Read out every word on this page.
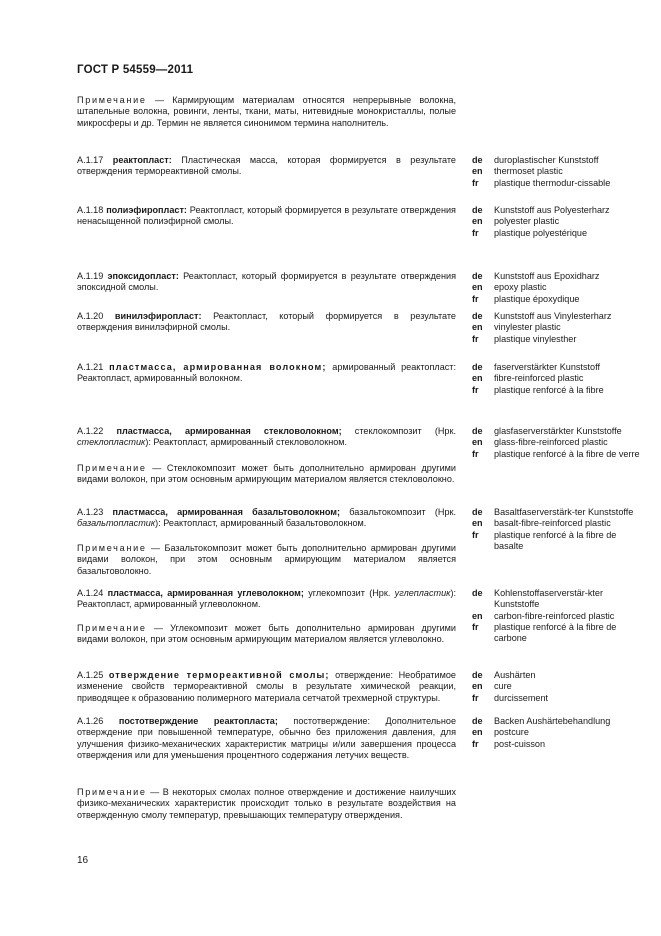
ГОСТ Р 54559—2011
Примечание — Кармирующим материалам относятся непрерывные волокна, штапельные волокна, ровинги, ленты, ткани, маты, нитевидные монокристаллы, полые микросферы и др. Термин не является синонимом термина наполнитель.
А.1.17 реактопласт: Пластическая масса, которая формируется в результате отверждения термореактивной смолы.
de	duroplastischer Kunststoff
en	thermoset plastic
fr	plastique thermodur-cissable
А.1.18 полиэфиропласт: Реактопласт, который формируется в результате отверждения ненасыщенной полиэфирной смолы.
de	Kunststoff aus Polyesterharz
en	polyester plastic
fr	plastique polyestérique
А.1.19 эпоксидопласт: Реактопласт, который формируется в результате отверждения эпоксидной смолы.
de	Kunststoff aus Epoxidharz
en	epoxy plastic
fr	plastique époxydique
А.1.20 винилэфиропласт: Реактопласт, который формируется в результате отверждения винилэфирной смолы.
de	Kunststoff aus Vinylesterharz
en	vinylester plastic
fr	plastique vinylesther
А.1.21 пластмасса, армированная волокном; армированный реактопласт: Реактопласт, армированный волокном.
de	faserverstärkter Kunststoff
en	fibre-reinforced plastic
fr	plastique renforcé à la fibre
А.1.22 пластмасса, армированная стекловолокном; стеклокомпозит (Нрк. стеклопластик): Реактопласт, армированный стекловолокном.
Примечание — Стеклокомпозит может быть дополнительно армирован другими видами волокон, при этом основным армирующим материалом является стекловолокно.
de	glasfaserverstärkter Kunststoffe
en	glass-fibre-reinforced plastic
fr	plastique renforcé à la fibre de verre
А.1.23 пластмасса, армированная базальтоволокном; базальтокомпозит (Нрк. базальтопластик): Реактопласт, армированный базальтоволокном.
Примечание — Базальтокомпозит может быть дополнительно армирован другими видами волокон, при этом основным армирующим материалом является базальтоволокно.
de	Basaltfaserverstärk-ter Kunststoffe
en	basalt-fibre-reinforced plastic
fr	plastique renforcé à la fibre de basalte
А.1.24 пластмасса, армированная углеволокном; углекомпозит (Нрк. углепластик): Реактопласт, армированный углеволокном.
Примечание — Углекомпозит может быть дополнительно армирован другими видами волокон, при этом основным армирующим материалом является углеволокно.
de	Kohlenstoffaserverstär-kter Kunststoffe
en	carbon-fibre-reinforced plastic
fr	plastique renforcé à la fibre de carbone
А.1.25 отверждение термореактивной смолы; отверждение: Необратимое изменение свойств термореактивной смолы в результате химической реакции, приводящее к образованию полимерного материала сетчатой трехмерной структуры.
de	Aushärten
en	cure
fr	durcissement
А.1.26 постотверждение реактопласта; постотверждение: Дополнительное отверждение при повышенной температуре, обычно без приложения давления, для улучшения физико-механических характеристик матрицы и/или завершения процесса отверждения или для уменьшения процентного содержания летучих веществ.
de	Backen Aushärtebehandlung
en	postcure
fr	post-cuisson
Примечание — В некоторых смолах полное отверждение и достижение наилучших физико-механических характеристик происходит только в результате воздействия на отвержденную смолу температур, превышающих температуру отверждения.
16
